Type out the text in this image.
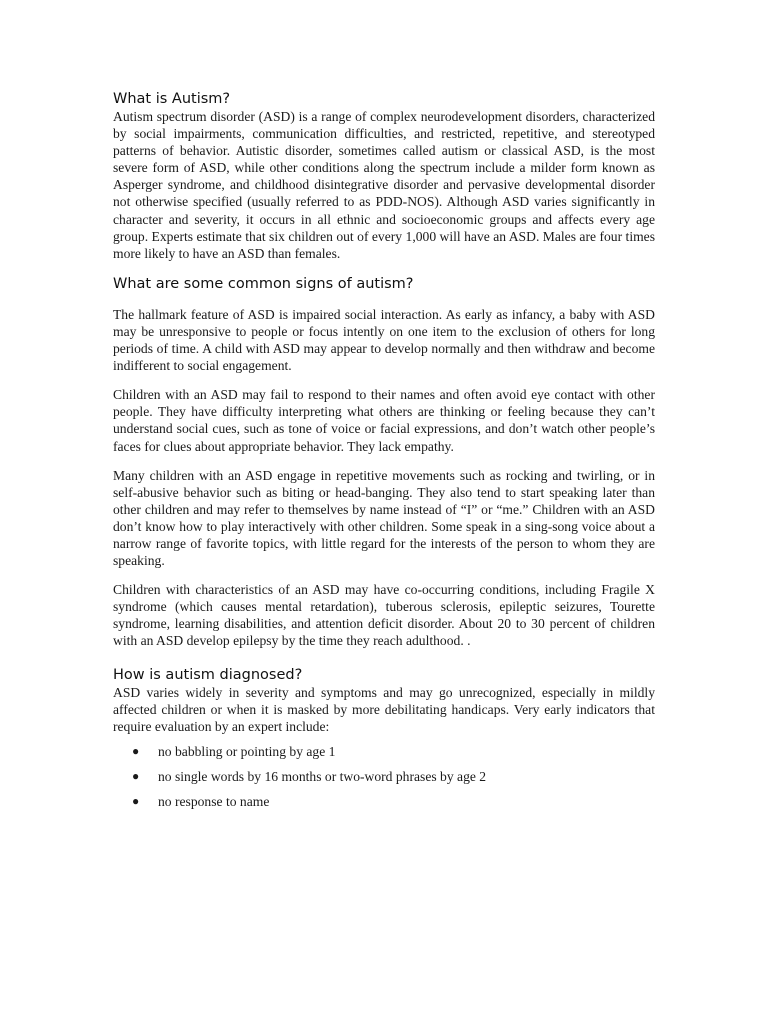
What is Autism?

Autism spectrum disorder (ASD) is a range of complex neurodevelopment disorders, characterized by social impairments, communication difficulties, and restricted, repetitive, and stereotyped patterns of behavior. Autistic disorder, sometimes called autism or classical ASD, is the most severe form of ASD, while other conditions along the spectrum include a milder form known as Asperger syndrome, and childhood disintegrative disorder and pervasive developmental disorder not otherwise specified (usually referred to as PDD-NOS). Although ASD varies significantly in character and severity, it occurs in all ethnic and socioeconomic groups and affects every age group. Experts estimate that six children out of every 1,000 will have an ASD. Males are four times more likely to have an ASD than females.

What are some common signs of autism?

The hallmark feature of ASD is impaired social interaction. As early as infancy, a baby with ASD may be unresponsive to people or focus intently on one item to the exclusion of others for long periods of time. A child with ASD may appear to develop normally and then withdraw and become indifferent to social engagement.

Children with an ASD may fail to respond to their names and often avoid eye contact with other people. They have difficulty interpreting what others are thinking or feeling because they can’t understand social cues, such as tone of voice or facial expressions, and don’t watch other people’s faces for clues about appropriate behavior. They lack empathy.

Many children with an ASD engage in repetitive movements such as rocking and twirling, or in self-abusive behavior such as biting or head-banging. They also tend to start speaking later than other children and may refer to themselves by name instead of “I” or “me.” Children with an ASD don’t know how to play interactively with other children. Some speak in a sing-song voice about a narrow range of favorite topics, with little regard for the interests of the person to whom they are speaking.

Children with characteristics of an ASD may have co-occurring conditions, including Fragile X syndrome (which causes mental retardation), tuberous sclerosis, epileptic seizures, Tourette syndrome, learning disabilities, and attention deficit disorder. About 20 to 30 percent of children with an ASD develop epilepsy by the time they reach adulthood. .

How is autism diagnosed?

ASD varies widely in severity and symptoms and may go unrecognized, especially in mildly affected children or when it is masked by more debilitating handicaps. Very early indicators that require evaluation by an expert include:

●	no babbling or pointing by age 1
●	no single words by 16 months or two-word phrases by age 2
●	no response to name
